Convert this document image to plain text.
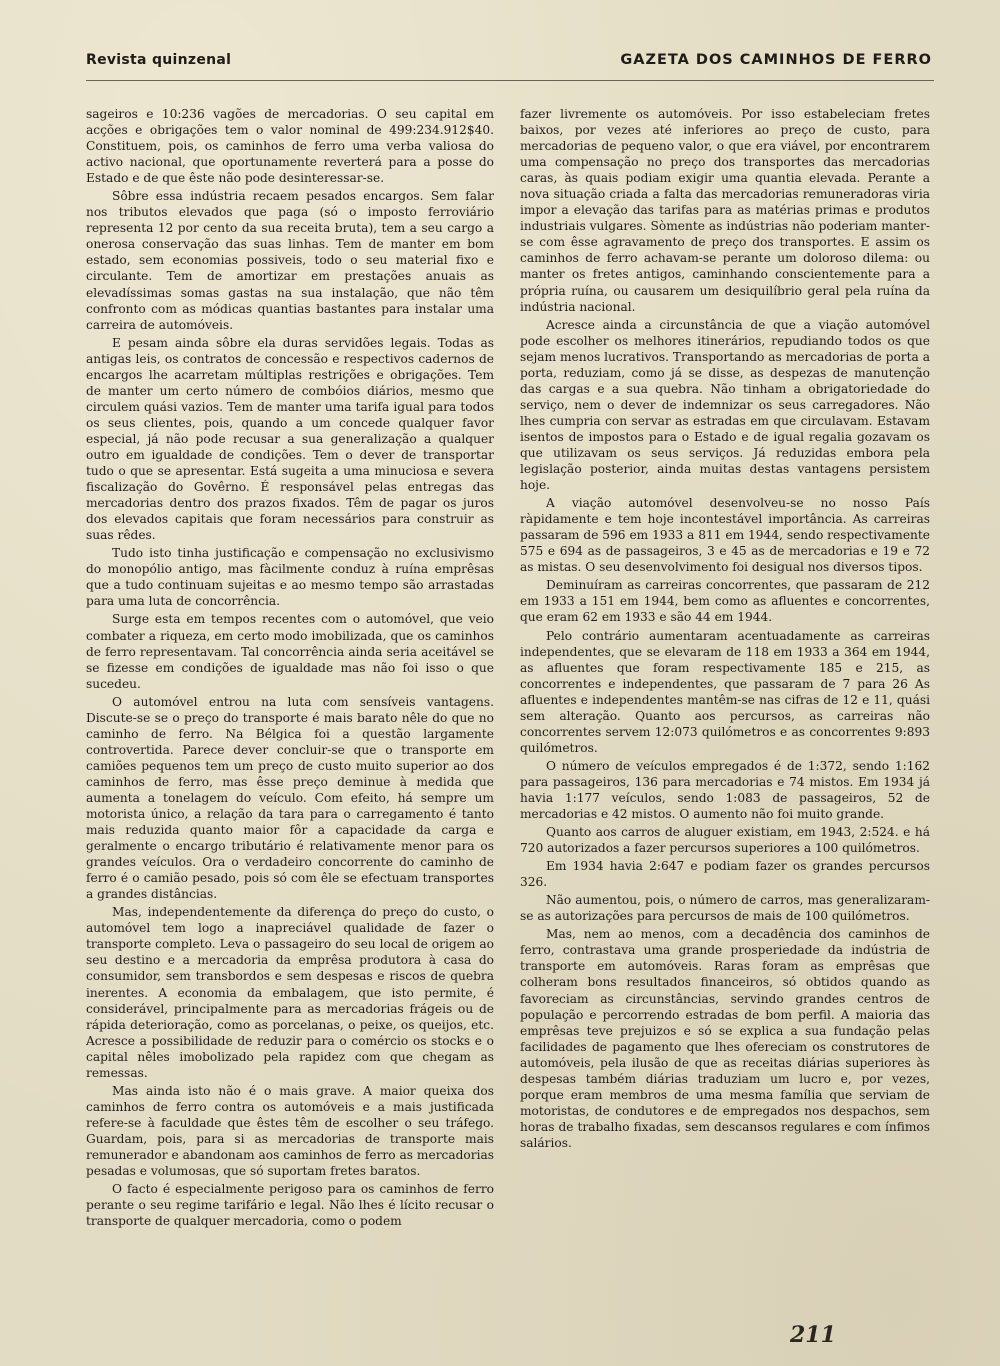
Revista quinzenal	GAZETA DOS CAMINHOS DE FERRO

sageiros e 10:236 vagões de mercadorias. O seu capital em acções e obrigações tem o valor nominal de 499:234.912$40. Constituem, pois, os caminhos de ferro uma verba valiosa do activo nacional, que oportunamente reverterá para a posse do Estado e de que êste não pode desinteressar-se.

Sôbre essa indústria recaem pesados encargos. Sem falar nos tributos elevados que paga (só o imposto ferroviário representa 12 por cento da sua receita bruta), tem a seu cargo a onerosa conservação das suas linhas. Tem de manter em bom estado, sem economias possiveis, todo o seu material fixo e circulante. Tem de amortizar em prestações anuais as elevadíssimas somas gastas na sua instalação, que não têm confronto com as módicas quantias bastantes para instalar uma carreira de automóveis.

E pesam ainda sôbre ela duras servidões legais. Todas as antigas leis, os contratos de concessão e respectivos cadernos de encargos lhe acarretam múltiplas restrições e obrigações. Tem de manter um certo número de combóios diários, mesmo que circulem quási vazios. Tem de manter uma tarifa igual para todos os seus clientes, pois, quando a um concede qualquer favor especial, já não pode recusar a sua generalização a qualquer outro em igualdade de condições. Tem o dever de transportar tudo o que se apresentar. Está sugeita a uma minuciosa e severa fiscalização do Govêrno. É responsável pelas entregas das mercadorias dentro dos prazos fixados. Têm de pagar os juros dos elevados capitais que foram necessários para construir as suas rêdes.

Tudo isto tinha justificação e compensação no exclusivismo do monopólio antigo, mas fàcilmente conduz à ruína emprêsas que a tudo continuam sujeitas e ao mesmo tempo são arrastadas para uma luta de concorrência.

Surge esta em tempos recentes com o automóvel, que veio combater a riqueza, em certo modo imobilizada, que os caminhos de ferro representavam. Tal concorrência ainda seria aceitável se se fizesse em condições de igualdade mas não foi isso o que sucedeu.

O automóvel entrou na luta com sensíveis vantagens. Discute-se se o preço do transporte é mais barato nêle do que no caminho de ferro. Na Bélgica foi a questão largamente controvertida. Parece dever concluir-se que o transporte em camiões pequenos tem um preço de custo muito superior ao dos caminhos de ferro, mas êsse preço deminue à medida que aumenta a tonelagem do veículo. Com efeito, há sempre um motorista único, a relação da tara para o carregamento é tanto mais reduzida quanto maior fôr a capacidade da carga e geralmente o encargo tributário é relativamente menor para os grandes veículos. Ora o verdadeiro concorrente do caminho de ferro é o camião pesado, pois só com êle se efectuam transportes a grandes distâncias.

Mas, independentemente da diferença do preço do custo, o automóvel tem logo a inapreciável qualidade de fazer o transporte completo. Leva o passageiro do seu local de origem ao seu destino e a mercadoria da emprêsa produtora à casa do consumidor, sem transbordos e sem despesas e riscos de quebra inerentes. A economia da embalagem, que isto permite, é considerável, principalmente para as mercadorias frágeis ou de rápida deterioração, como as porcelanas, o peixe, os queijos, etc. Acresce a possibilidade de reduzir para o comércio os stocks e o capital nêles imobolizado pela rapidez com que chegam as remessas.

Mas ainda isto não é o mais grave. A maior queixa dos caminhos de ferro contra os automóveis e a mais justificada refere-se à faculdade que êstes têm de escolher o seu tráfego. Guardam, pois, para si as mercadorias de transporte mais remunerador e abandonam aos caminhos de ferro as mercadorias pesadas e volumosas, que só suportam fretes baratos.

O facto é especialmente perigoso para os caminhos de ferro perante o seu regime tarifário e legal. Não lhes é lícito recusar o transporte de qualquer mercadoria, como o podem

fazer livremente os automóveis. Por isso estabeleciam fretes baixos, por vezes até inferiores ao preço de custo, para mercadorias de pequeno valor, o que era viável, por encontrarem uma compensação no preço dos transportes das mercadorias caras, às quais podiam exigir uma quantia elevada. Perante a nova situação criada a falta das mercadorias remuneradoras viria impor a elevação das tarifas para as matérias primas e produtos industriais vulgares. Sòmente as indústrias não poderiam manter-se com êsse agravamento de preço dos transportes. E assim os caminhos de ferro achavam-se perante um doloroso dilema: ou manter os fretes antigos, caminhando conscientemente para a própria ruína, ou causarem um desiquilíbrio geral pela ruína da indústria nacional.

Acresce ainda a circunstância de que a viação automóvel pode escolher os melhores itinerários, repudiando todos os que sejam menos lucrativos. Transportando as mercadorias de porta a porta, reduziam, como já se disse, as despezas de manutenção das cargas e a sua quebra. Não tinham a obrigatoriedade do serviço, nem o dever de indemnizar os seus carregadores. Não lhes cumpria con servar as estradas em que circulavam. Estavam isentos de impostos para o Estado e de igual regalia gozavam os que utilizavam os seus serviços. Já reduzidas embora pela legislação posterior, ainda muitas destas vantagens persistem hoje.

A viação automóvel desenvolveu-se no nosso País ràpidamente e tem hoje incontestável importância. As carreiras passaram de 596 em 1933 a 811 em 1944, sendo respectivamente 575 e 694 as de passageiros, 3 e 45 as de mercadorias e 19 e 72 as mistas. O seu desenvolvimento foi desigual nos diversos tipos.

Deminuíram as carreiras concorrentes, que passaram de 212 em 1933 a 151 em 1944, bem como as afluentes e concorrentes, que eram 62 em 1933 e são 44 em 1944.

Pelo contrário aumentaram acentuadamente as carreiras independentes, que se elevaram de 118 em 1933 a 364 em 1944, as afluentes que foram respectivamente 185 e 215, as concorrentes e independentes, que passaram de 7 para 26 As afluentes e independentes mantêm-se nas cifras de 12 e 11, quási sem alteração. Quanto aos percursos, as carreiras não concorrentes servem 12:073 quilómetros e as concorrentes 9:893 quilómetros.

O número de veículos empregados é de 1:372, sendo 1:162 para passageiros, 136 para mercadorias e 74 mistos. Em 1934 já havia 1:177 veículos, sendo 1:083 de passageiros, 52 de mercadorias e 42 mistos. O aumento não foi muito grande.

Quanto aos carros de aluguer existiam, em 1943, 2:524. e há 720 autorizados a fazer percursos superiores a 100 quilómetros.

Em 1934 havia 2:647 e podiam fazer os grandes percursos 326.

Não aumentou, pois, o número de carros, mas generalizaram-se as autorizações para percursos de mais de 100 quilómetros.

Mas, nem ao menos, com a decadência dos caminhos de ferro, contrastava uma grande prosperiedade da indústria de transporte em automóveis. Raras foram as emprêsas que colheram bons resultados financeiros, só obtidos quando as favoreciam as circunstâncias, servindo grandes centros de população e percorrendo estradas de bom perfil. A maioria das emprêsas teve prejuizos e só se explica a sua fundação pelas facilidades de pagamento que lhes ofereciam os construtores de automóveis, pela ilusão de que as receitas diárias superiores às despesas também diárias traduziam um lucro e, por vezes, porque eram membros de uma mesma família que serviam de motoristas, de condutores e de empregados nos despachos, sem horas de trabalho fixadas, sem descansos regulares e com ínfimos salários.

211
